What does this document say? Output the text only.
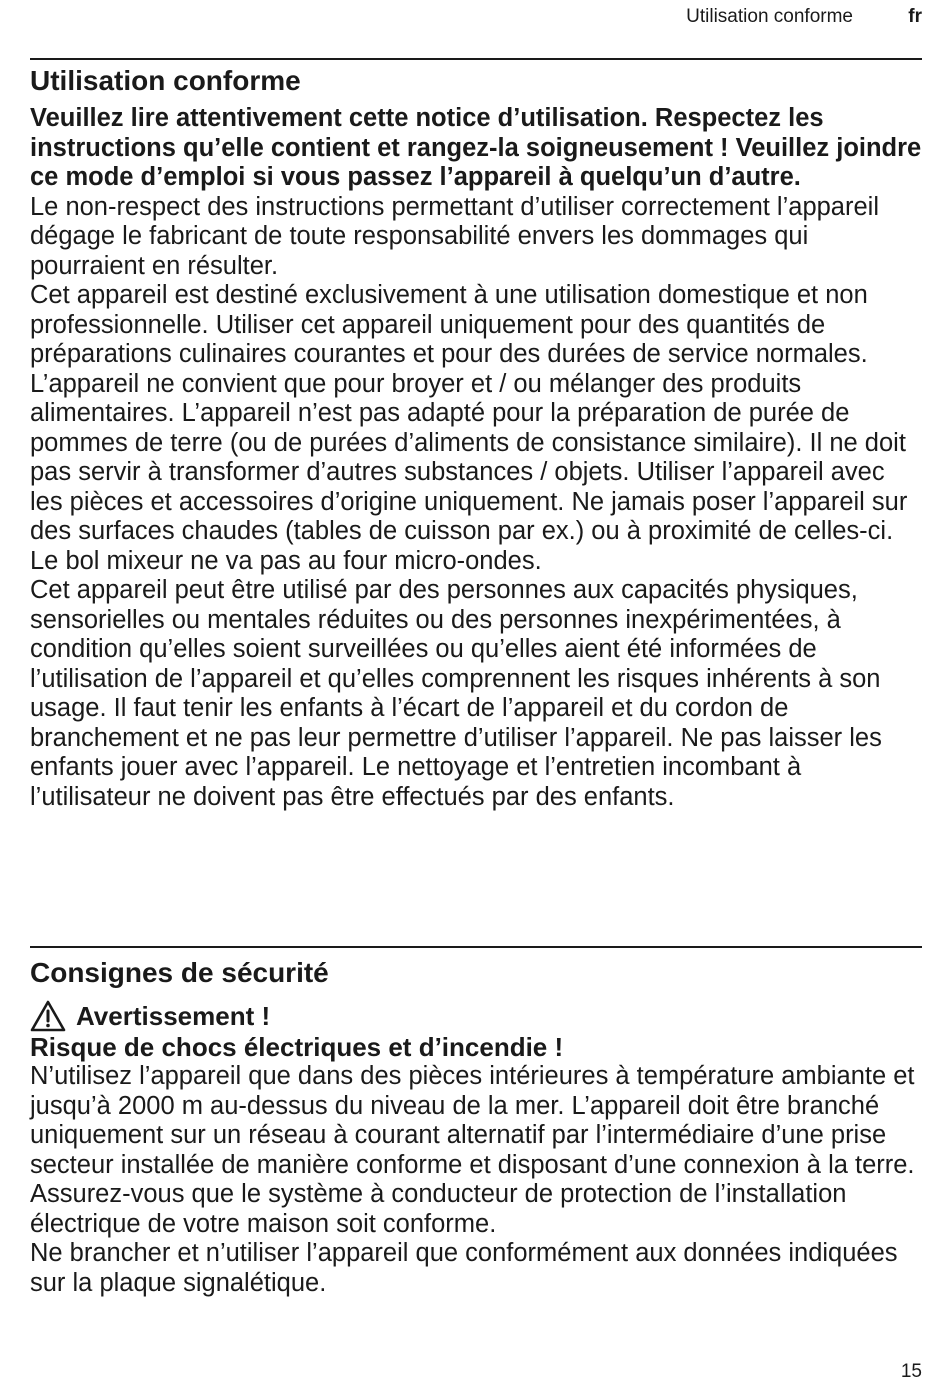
Utilisation conforme	fr
Utilisation conforme

Veuillez lire attentivement cette notice d’utilisation. Respectez les instructions qu’elle contient et rangez-la soigneusement ! Veuillez joindre ce mode d’emploi si vous passez l’appareil à quelqu’un d’autre.

Le non-respect des instructions permettant d’utiliser correctement l’appareil dégage le fabricant de toute responsabilité envers les dommages qui pourraient en résulter.

Cet appareil est destiné exclusivement à une utilisation domestique et non professionnelle. Utiliser cet appareil uniquement pour des quantités de préparations culinaires courantes et pour des durées de service normales.

L’appareil ne convient que pour broyer et / ou mélanger des produits alimentaires. L’appareil n’est pas adapté pour la préparation de purée de pommes de terre (ou de purées d’aliments de consistance similaire). Il ne doit pas servir à transformer d’autres substances / objets. Utiliser l’appareil avec les pièces et accessoires d’origine uniquement. Ne jamais poser l’appareil sur des surfaces chaudes (tables de cuisson par ex.) ou à proximité de celles-ci. Le bol mixeur ne va pas au four micro-ondes.

Cet appareil peut être utilisé par des personnes aux capacités physiques, sensorielles ou mentales réduites ou des personnes inexpérimentées, à condition qu’elles soient surveillées ou qu’elles aient été informées de l’utilisation de l’appareil et qu’elles comprennent les risques inhérents à son usage. Il faut tenir les enfants à l’écart de l’appareil et du cordon de branchement et ne pas leur permettre d’utiliser l’appareil. Ne pas laisser les enfants jouer avec l’appareil. Le nettoyage et l’entretien incombant à l’utilisateur ne doivent pas être effectués par des enfants.

Consignes de sécurité
Avertissement !

Risque de chocs électriques et d’incendie !

N’utilisez l’appareil que dans des pièces intérieures à température ambiante et jusqu’à 2000 m au-dessus du niveau de la mer. L’appareil doit être branché uniquement sur un réseau à courant alternatif par l’intermédiaire d’une prise secteur installée de manière conforme et disposant d’une connexion à la terre. Assurez-vous que le système à conducteur de protection de l’installation électrique de votre maison soit conforme.

Ne brancher et n’utiliser l’appareil que conformément aux données indiquées sur la plaque signalétique.

15
